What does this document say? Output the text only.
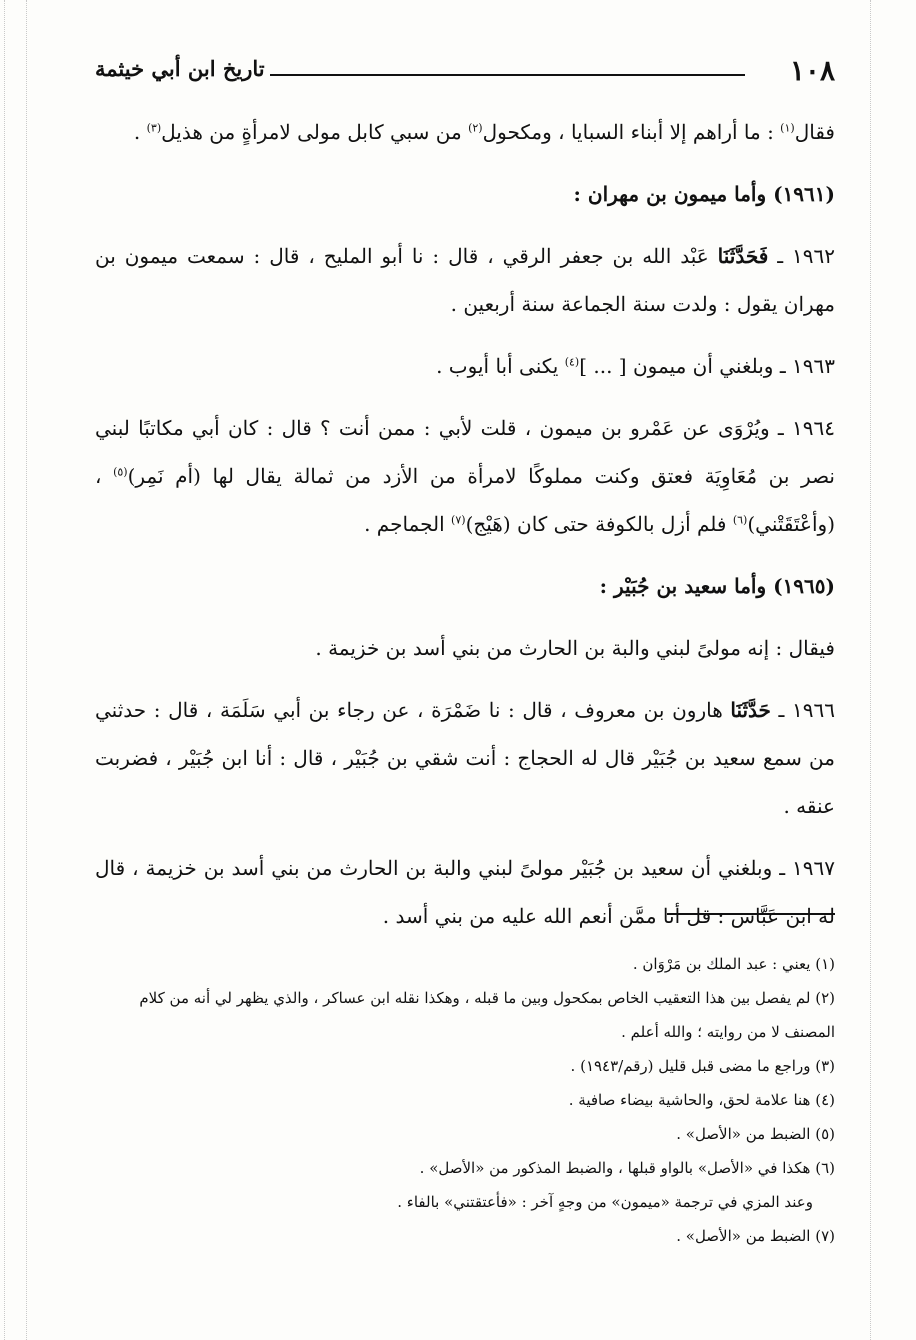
١٠٨
تاريخ ابن أبي خيثمة

فقال$^{(١)}$ : ما أراهم إلا أبناء السبايا ، ومكحول$^{(٢)}$ من سبي كابل مولى لامرأةٍ من هذيل$^{(٣)}$ .

(١٩٦١) وأما ميمون بن مهران :

١٩٦٢ ـ فَحَدَّثَنَا عَبْد الله بن جعفر الرقي ، قال : نا أبو المليح ، قال : سمعت ميمون بن مهران يقول : ولدت سنة الجماعة سنة أربعين .

١٩٦٣ ـ وبلغني أن ميمون [ ... ]$^{(٤)}$ يكنى أبا أيوب .

١٩٦٤ ـ ويُرْوَى عن عَمْرو بن ميمون ، قلت لأبي : ممن أنت ؟ قال : كان أبي مكاتبًا لبني نصر بن مُعَاوِيَة فعتق وكنت مملوكًا لامرأة من الأزد من ثمالة يقال لها (أم نَمِر)$^{(٥)}$ ، (وأعْتَقَتْني)$^{(٦)}$ فلم أزل بالكوفة حتى كان (هَيْج)$^{(٧)}$ الجماجم .

(١٩٦٥) وأما سعيد بن جُبَيْر :

فيقال : إنه مولىً لبني والبة بن الحارث من بني أسد بن خزيمة .

١٩٦٦ ـ حَدَّثَنَا هارون بن معروف ، قال : نا ضَمْرَة ، عن رجاء بن أبي سَلَمَة ، قال : حدثني من سمع سعيد بن جُبَيْر قال له الحجاج : أنت شقي بن جُبَيْر ، قال : أنا ابن جُبَيْر ، فضربت عنقه .

١٩٦٧ ـ وبلغني أن سعيد بن جُبَيْر مولىً لبني والبة بن الحارث من بني أسد بن خزيمة ، قال له ابن عَبَّاس : قل أنا ممَّن أنعم الله عليه من بني أسد .

(١) يعني : عبد الملك بن مَرْوَان .

(٢) لم يفصل بين هذا التعقيب الخاص بمكحول وبين ما قبله ، وهكذا نقله ابن عساكر ، والذي يظهر لي أنه من كلام المصنف لا من روايته ؛ والله أعلم .

(٣) وراجع ما مضى قبل قليل (رقم/١٩٤٣) .

(٤) هنا علامة لحق، والحاشية بيضاء صافية .

(٥) الضبط من «الأصل» .

(٦) هكذا في «الأصل» بالواو قبلها ، والضبط المذكور من «الأصل» .

وعند المزي في ترجمة «ميمون» من وجهٍ آخر : «فأعتقتني» بالفاء .

(٧) الضبط من «الأصل» .
